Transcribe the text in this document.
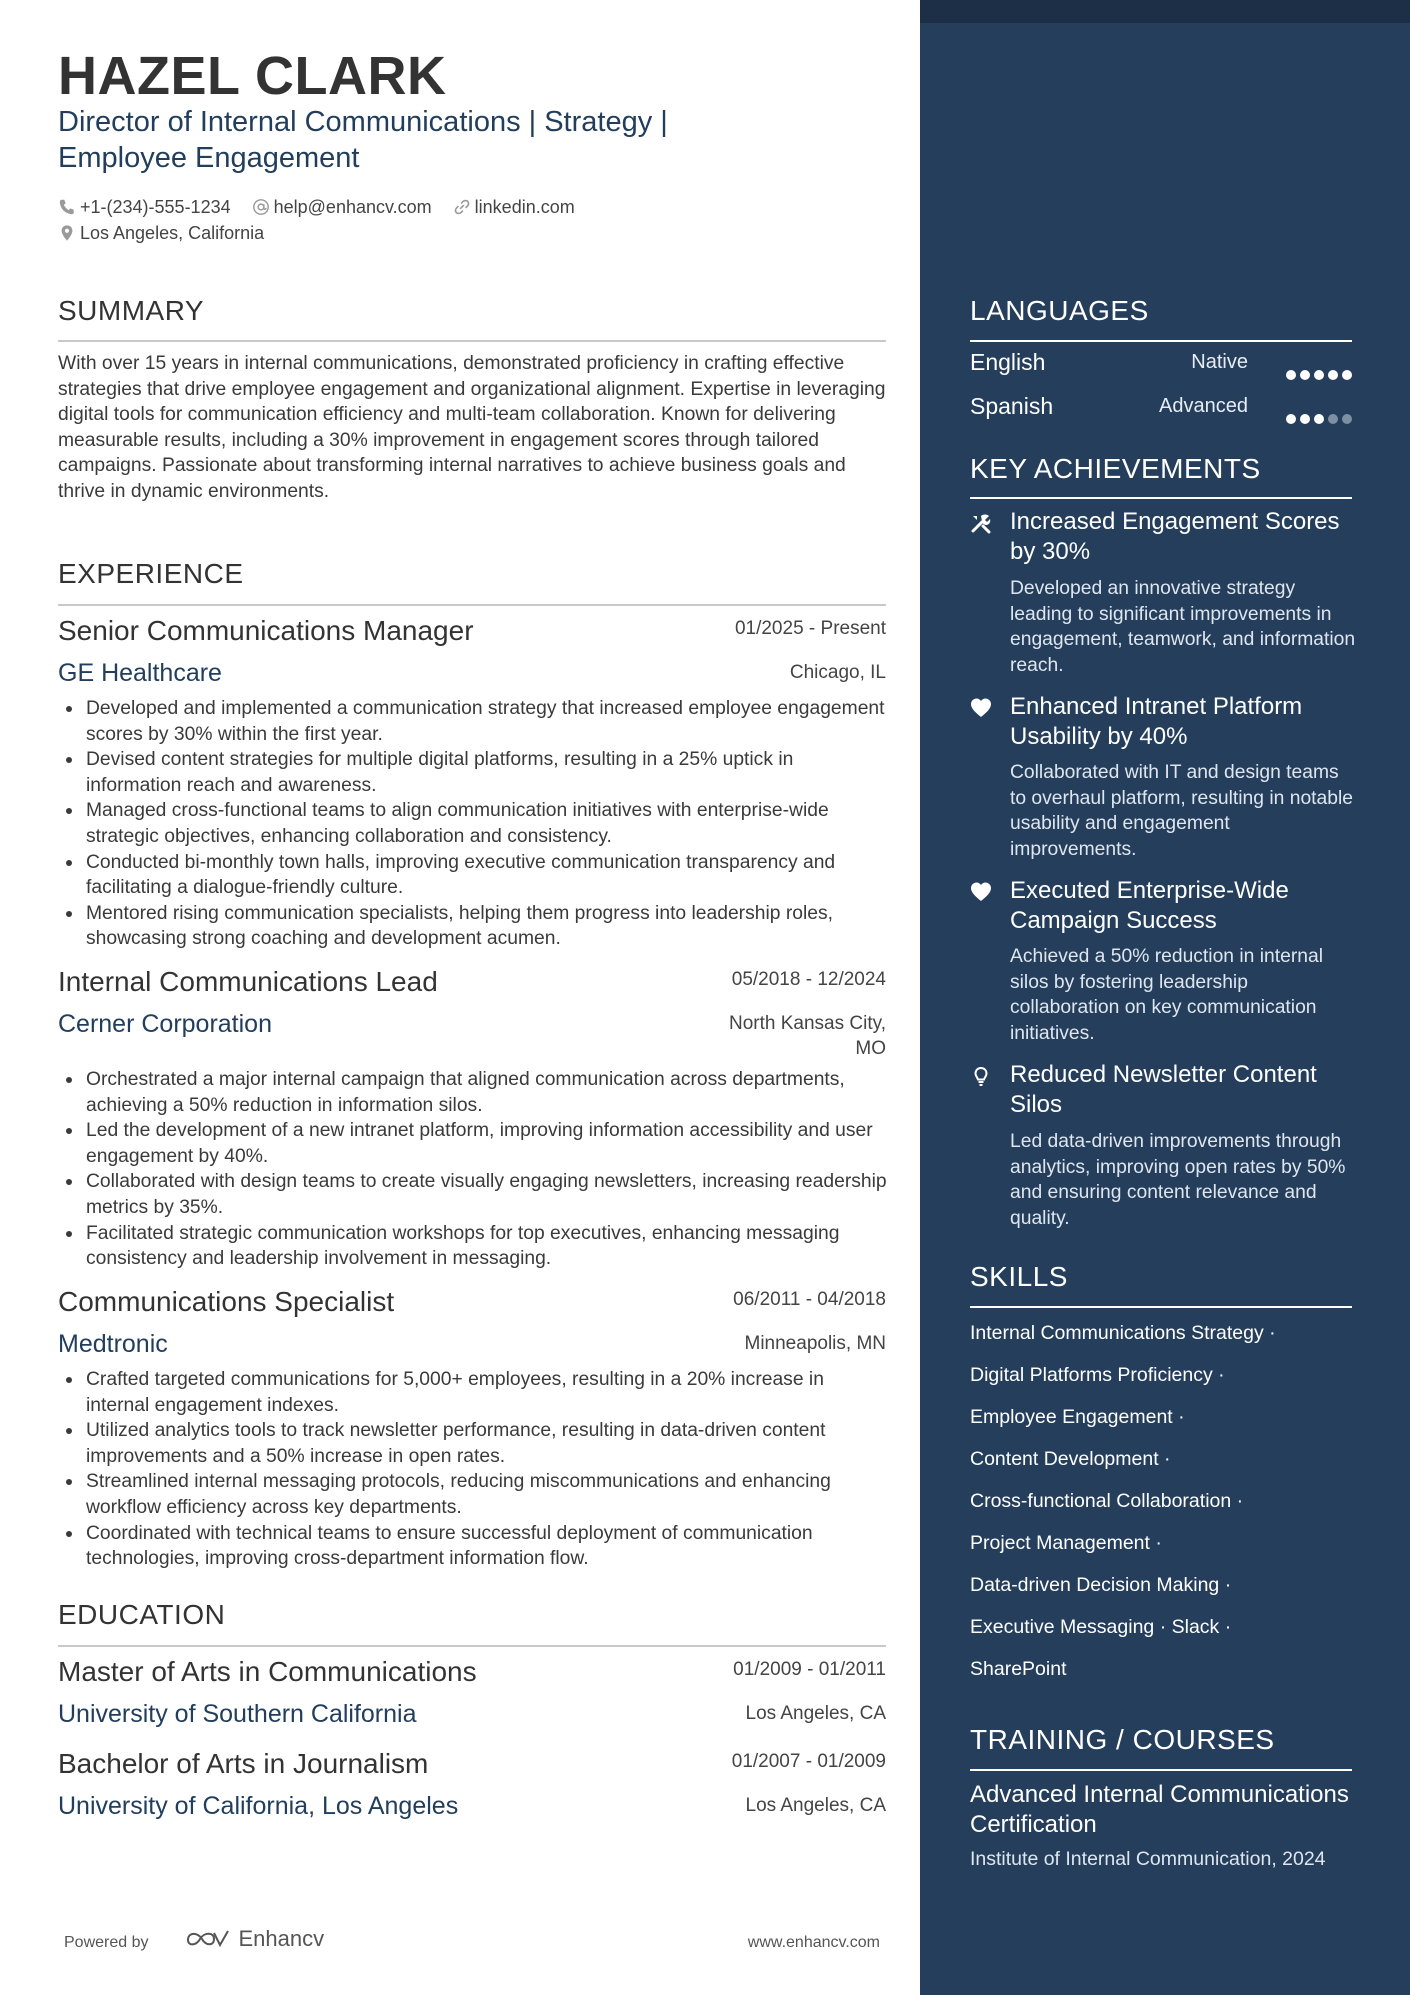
HAZEL CLARK
Director of Internal Communications | Strategy | Employee Engagement
+1-(234)-555-1234 help@enhancv.com linkedin.com
Los Angeles, California
SUMMARY
With over 15 years in internal communications, demonstrated proficiency in crafting effective strategies that drive employee engagement and organizational alignment. Expertise in leveraging digital tools for communication efficiency and multi-team collaboration. Known for delivering measurable results, including a 30% improvement in engagement scores through tailored campaigns. Passionate about transforming internal narratives to achieve business goals and thrive in dynamic environments.
EXPERIENCE
Senior Communications Manager	01/2025 - Present
GE Healthcare	Chicago, IL
Developed and implemented a communication strategy that increased employee engagement scores by 30% within the first year.
Devised content strategies for multiple digital platforms, resulting in a 25% uptick in information reach and awareness.
Managed cross-functional teams to align communication initiatives with enterprise-wide strategic objectives, enhancing collaboration and consistency.
Conducted bi-monthly town halls, improving executive communication transparency and facilitating a dialogue-friendly culture.
Mentored rising communication specialists, helping them progress into leadership roles, showcasing strong coaching and development acumen.
Internal Communications Lead	05/2018 - 12/2024
Cerner Corporation	North Kansas City,
MO
Orchestrated a major internal campaign that aligned communication across departments, achieving a 50% reduction in information silos.
Led the development of a new intranet platform, improving information accessibility and user engagement by 40%.
Collaborated with design teams to create visually engaging newsletters, increasing readership metrics by 35%.
Facilitated strategic communication workshops for top executives, enhancing messaging consistency and leadership involvement in messaging.
Communications Specialist	06/2011 - 04/2018
Medtronic	Minneapolis, MN
Crafted targeted communications for 5,000+ employees, resulting in a 20% increase in internal engagement indexes.
Utilized analytics tools to track newsletter performance, resulting in data-driven content improvements and a 50% increase in open rates.
Streamlined internal messaging protocols, reducing miscommunications and enhancing workflow efficiency across key departments.
Coordinated with technical teams to ensure successful deployment of communication technologies, improving cross-department information flow.
EDUCATION
Master of Arts in Communications	01/2009 - 01/2011
University of Southern California	Los Angeles, CA
Bachelor of Arts in Journalism	01/2007 - 01/2009
University of California, Los Angeles	Los Angeles, CA
Powered by	Enhancv	www.enhancv.com
LANGUAGES
English	Native
Spanish	Advanced
KEY ACHIEVEMENTS
Increased Engagement Scores by 30%
Developed an innovative strategy leading to significant improvements in engagement, teamwork, and information reach.
Enhanced Intranet Platform Usability by 40%
Collaborated with IT and design teams to overhaul platform, resulting in notable usability and engagement improvements.
Executed Enterprise-Wide Campaign Success
Achieved a 50% reduction in internal silos by fostering leadership collaboration on key communication initiatives.
Reduced Newsletter Content Silos
Led data-driven improvements through analytics, improving open rates by 50% and ensuring content relevance and quality.
SKILLS
Internal Communications Strategy ·
Digital Platforms Proficiency ·
Employee Engagement ·
Content Development ·
Cross-functional Collaboration ·
Project Management ·
Data-driven Decision Making ·
Executive Messaging · Slack ·
SharePoint
TRAINING / COURSES
Advanced Internal Communications Certification
Institute of Internal Communication, 2024
